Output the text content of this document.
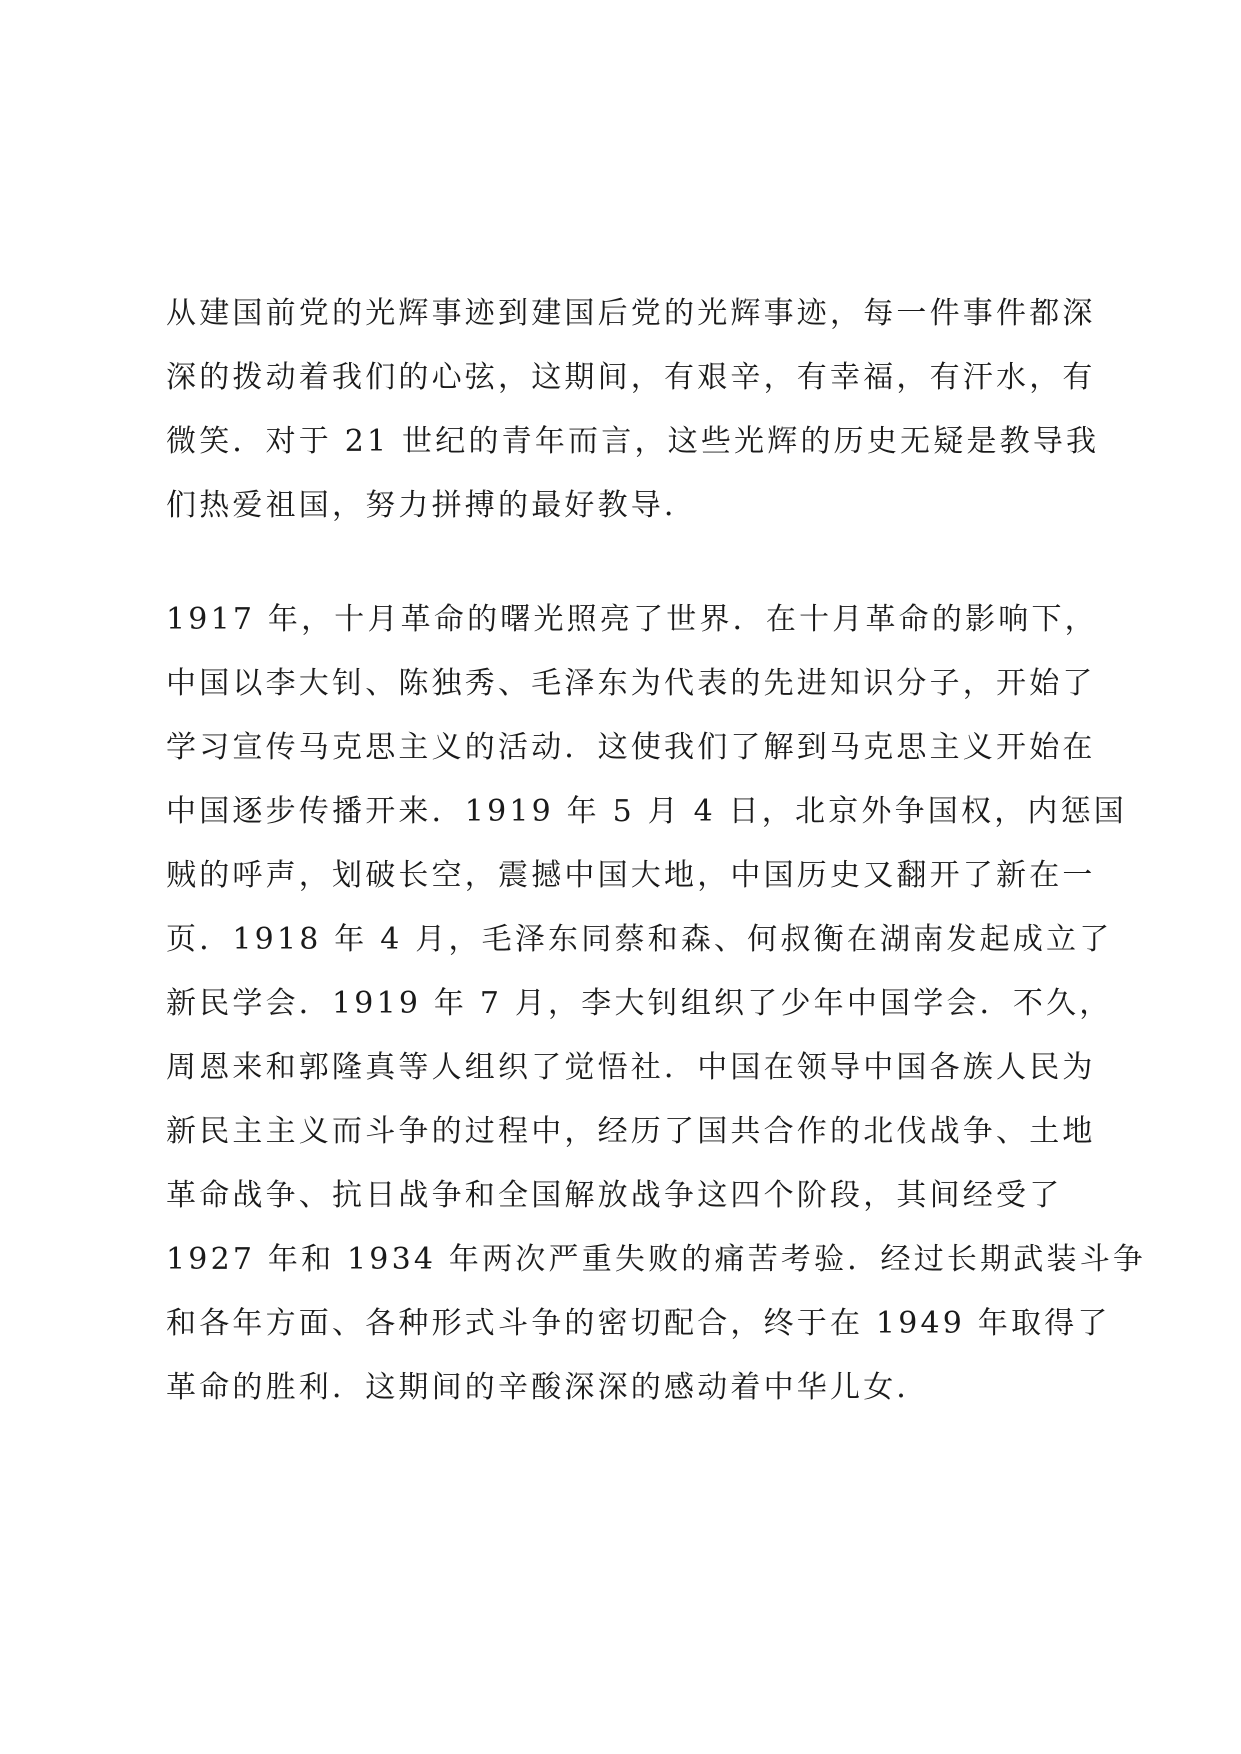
从建国前党的光辉事迹到建国后党的光辉事迹，每一件事件都深
深的拨动着我们的心弦，这期间，有艰辛，有幸福，有汗水，有
微笑．对于 21 世纪的青年而言，这些光辉的历史无疑是教导我
们热爱祖国，努力拼搏的最好教导．
1917 年，十月革命的曙光照亮了世界．在十月革命的影响下，
中国以李大钊、陈独秀、毛泽东为代表的先进知识分子，开始了
学习宣传马克思主义的活动．这使我们了解到马克思主义开始在
中国逐步传播开来．1919 年 5 月 4 日，北京外争国权，内惩国
贼的呼声，划破长空，震撼中国大地，中国历史又翻开了新在一
页．1918 年 4 月，毛泽东同蔡和森、何叔衡在湖南发起成立了
新民学会．1919 年 7 月，李大钊组织了少年中国学会．不久，
周恩来和郭隆真等人组织了觉悟社．中国在领导中国各族人民为
新民主主义而斗争的过程中，经历了国共合作的北伐战争、土地
革命战争、抗日战争和全国解放战争这四个阶段，其间经受了
1927 年和 1934 年两次严重失败的痛苦考验．经过长期武装斗争
和各年方面、各种形式斗争的密切配合，终于在 1949 年取得了
革命的胜利．这期间的辛酸深深的感动着中华儿女．
